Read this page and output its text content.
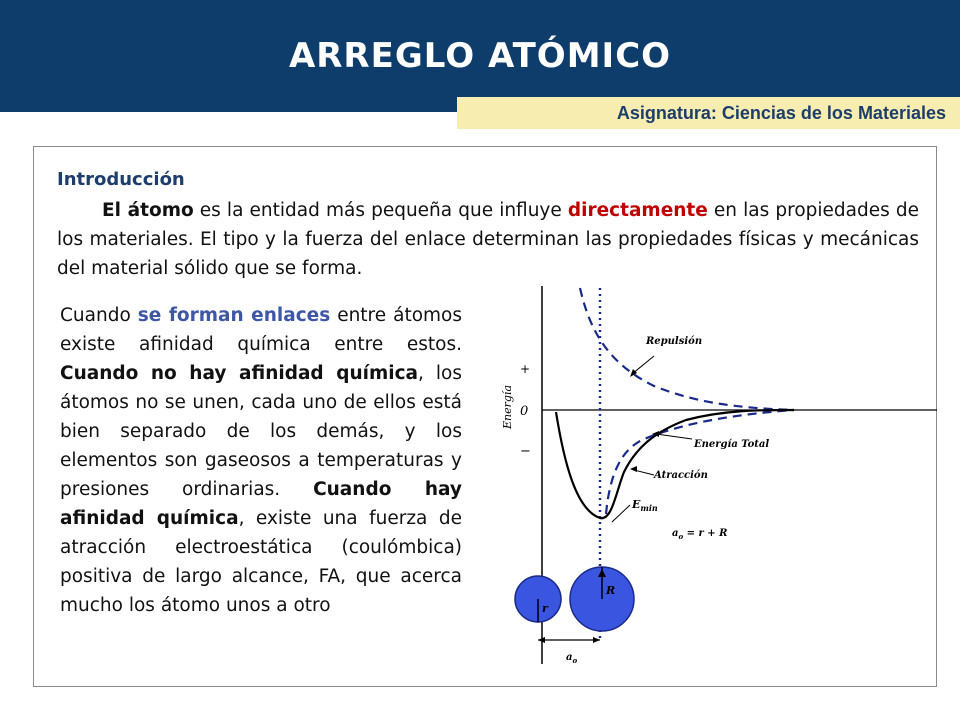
ARREGLO ATÓMICO
Asignatura: Ciencias de los Materiales
Introducción

El átomo es la entidad más pequeña que influye directamente en las propiedades de los materiales. El tipo y la fuerza del enlace determinan las propiedades físicas y mecánicas del material sólido que se forma.

Cuando se forman enlaces entre átomos existe afinidad química entre estos. Cuando no hay afinidad química, los átomos no se unen, cada uno de ellos está bien separado de los demás, y los elementos son gaseosos a temperaturas y presiones ordinarias. Cuando hay afinidad química, existe una fuerza de atracción electroestática (coulómbica) positiva de largo alcance, FA, que acerca mucho los átomo unos a otro

Energía
+
0
−
Repulsión
Energía Total
Atracción
$E_{min}$
$a_o = r + R$
r
R
$a_o$
